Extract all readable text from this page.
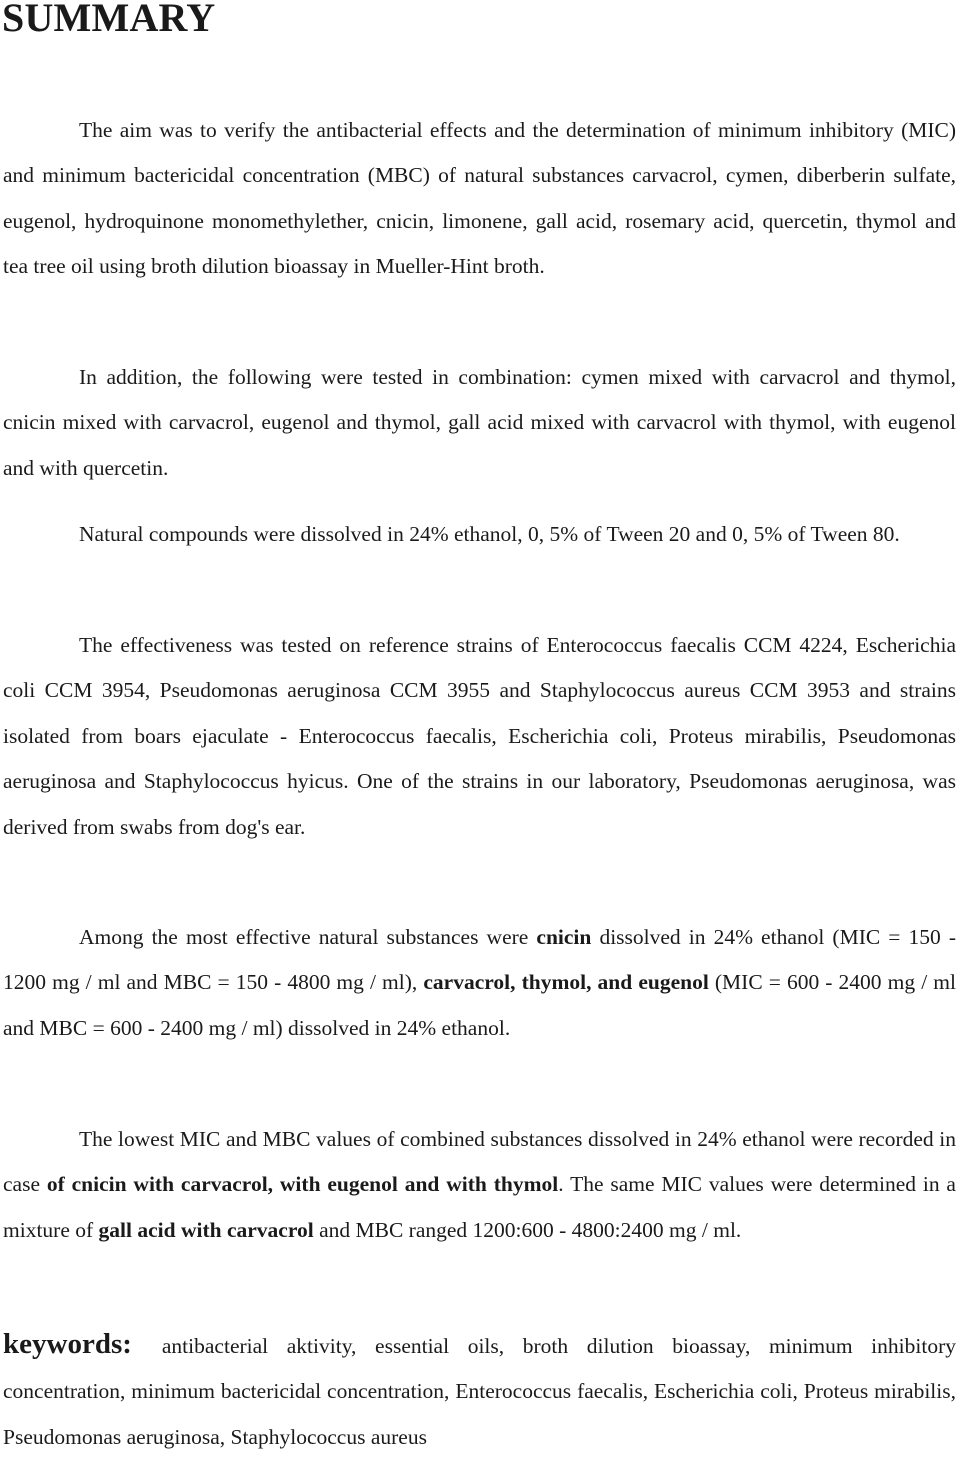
SUMMARY

The aim was to verify the antibacterial effects and the determination of minimum inhibitory (MIC) and minimum bactericidal concentration (MBC) of natural substances carvacrol, cymen, diberberin sulfate, eugenol, hydroquinone monomethylether, cnicin, limonene, gall acid, rosemary acid, quercetin, thymol and tea tree oil using broth dilution bioassay in Mueller-Hint broth.

In addition, the following were tested in combination: cymen mixed with carvacrol and thymol, cnicin mixed with carvacrol, eugenol and thymol, gall acid mixed with carvacrol with thymol, with eugenol and with quercetin.

Natural compounds were dissolved in 24% ethanol, 0, 5% of Tween 20 and 0, 5% of Tween 80.

The effectiveness was tested on reference strains of Enterococcus faecalis CCM 4224, Escherichia coli CCM 3954, Pseudomonas aeruginosa CCM 3955 and Staphylococcus aureus CCM 3953 and strains isolated from boars ejaculate - Enterococcus faecalis, Escherichia coli, Proteus mirabilis, Pseudomonas aeruginosa and Staphylococcus hyicus. One of the strains in our laboratory, Pseudomonas aeruginosa, was derived from swabs from dog's ear.

Among the most effective natural substances were cnicin dissolved in 24% ethanol (MIC = 150 - 1200 mg / ml and MBC = 150 - 4800 mg / ml), carvacrol, thymol, and eugenol (MIC = 600 - 2400 mg / ml and MBC = 600 - 2400 mg / ml) dissolved in 24% ethanol.

The lowest MIC and MBC values of combined substances dissolved in 24% ethanol were recorded in case of cnicin with carvacrol, with eugenol and with thymol. The same MIC values were determined in a mixture of gall acid with carvacrol and MBC ranged 1200:600 - 4800:2400 mg / ml.

keywords: antibacterial aktivity, essential oils, broth dilution bioassay, minimum inhibitory concentration, minimum bactericidal concentration, Enterococcus faecalis, Escherichia coli, Proteus mirabilis, Pseudomonas aeruginosa, Staphylococcus aureus
